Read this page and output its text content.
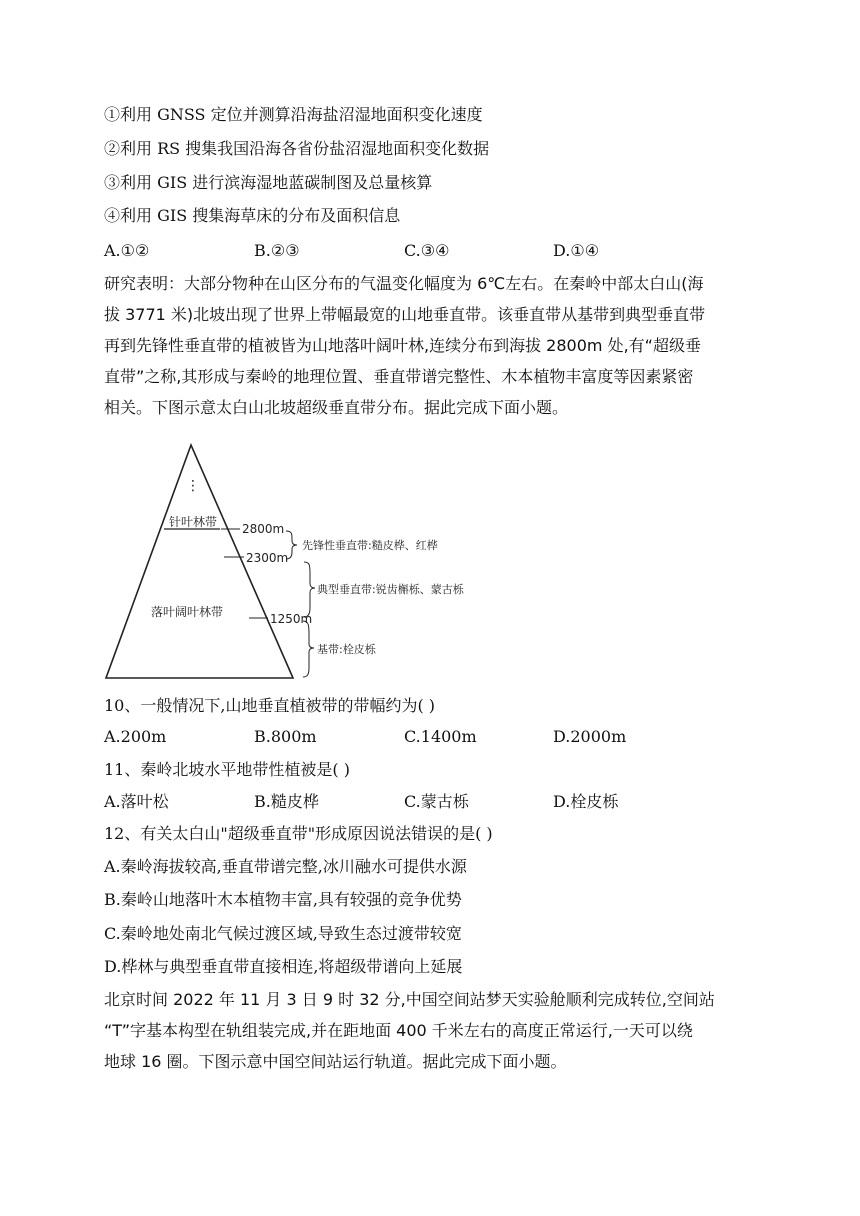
①利用 GNSS 定位并测算沿海盐沼湿地面积变化速度
②利用 RS 搜集我国沿海各省份盐沼湿地面积变化数据
③利用 GIS 进行滨海湿地蓝碳制图及总量核算
④利用 GIS 搜集海草床的分布及面积信息
A.①②	B.②③	C.③④	D.①④
研究表明：大部分物种在山区分布的气温变化幅度为 6℃左右。在秦岭中部太白山(海
拔 3771 米)北坡出现了世界上带幅最宽的山地垂直带。该垂直带从基带到典型垂直带
再到先锋性垂直带的植被皆为山地落叶阔叶林,连续分布到海拔 2800m 处,有“超级垂
直带”之称,其形成与秦岭的地理位置、垂直带谱完整性、木本植物丰富度等因素紧密
相关。下图示意太白山北坡超级垂直带分布。据此完成下面小题。
⋮
针叶林带
落叶阔叶林带
2800m
2300m
1250m
先锋性垂直带:糙皮桦、红桦
典型垂直带:锐齿槲栎、蒙古栎
基带:栓皮栎
10、一般情况下,山地垂直植被带的带幅约为( )
A.200m	B.800m	C.1400m	D.2000m
11、秦岭北坡水平地带性植被是( )
A.落叶松	B.糙皮桦	C.蒙古栎	D.栓皮栎
12、有关太白山"超级垂直带"形成原因说法错误的是( )
A.秦岭海拔较高,垂直带谱完整,冰川融水可提供水源
B.秦岭山地落叶木本植物丰富,具有较强的竞争优势
C.秦岭地处南北气候过渡区域,导致生态过渡带较宽
D.桦林与典型垂直带直接相连,将超级带谱向上延展
北京时间 2022 年 11 月 3 日 9 时 32 分,中国空间站梦天实验舱顺利完成转位,空间站
“T”字基本构型在轨组装完成,并在距地面 400 千米左右的高度正常运行,一天可以绕
地球 16 圈。下图示意中国空间站运行轨道。据此完成下面小题。
